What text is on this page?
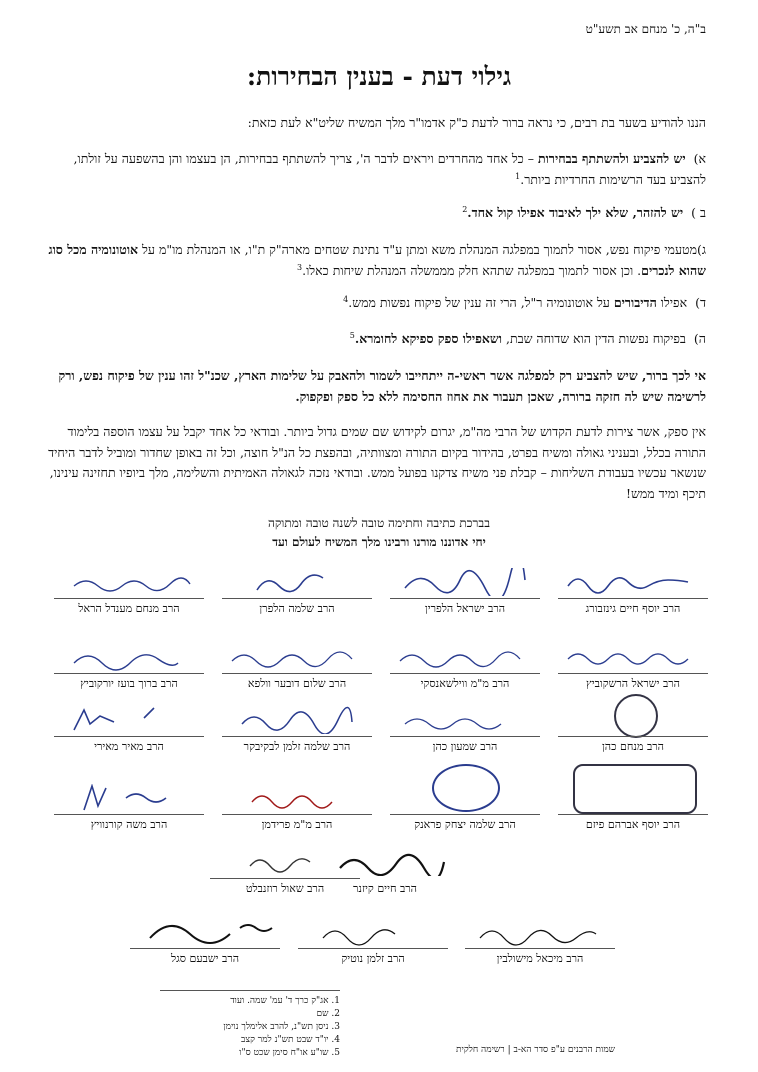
ב"ה, כ' מנחם אב תשע"ט
גילוי דעת - בענין הבחירות:
הננו להודיע בשער בת רבים, כי נראה ברור לדעת כ"ק אדמו"ר מלך המשיח שליט"א לעת כזאת:
א) יש להצביע ולהשתתף בבחירות – כל אחד מהחרדים ויראים לדבר ה', צריך להשתתף בבחירות, הן בעצמו והן בהשפעה על זולתו, להצביע בעד הרשימות החרדיות ביותר.$^1$
ב ) יש להזהר, שלא ילך לאיבוד אפילו קול אחד.$^2$
ג)מטעמי פיקוח נפש, אסור לתמוך במפלגה המנהלת משא ומתן ע"ד נתינת שטחים מארה"ק ת"ו, או המנהלת מו"מ על אוטונומיה מכל סוג שהוא לנכרים. וכן אסור לתמוך במפלגה שתהא חלק מממשלה המנהלת שיחות כאלו.$^3$
ד) אפילו הדיבורים על אוטונומיה ר"ל, הרי זה ענין של פיקוח נפשות ממש.$^4$
ה) בפיקוח נפשות הדין הוא שדוחה שבת, ושאפילו ספק ספיקא לחומרא.$^5$
אי לכך ברור, שיש להצביע רק למפלגה אשר ראשי-ה ייתחייבו לשמור ולהאבק על שלימות הארץ, שכנ"ל זהו ענין של פיקוח נפש, ורק לרשימה שיש לה חזקה ברורה, שאכן תעבור את אחוז החסימה ללא כל ספק ופקפוק.
אין ספק, אשר צירות לדעת הקדוש של הרבי מה"מ, יגרום לקידוש שם שמים גדול ביותר. ובודאי כל אחד יקבל על עצמו הוספה בלימוד התורה בכלל, ובעניני גאולה ומשיח בפרט, בהידור בקיום התורה ומצוותיה, ובהפצת כל הנ"ל חוצה, וכל זה באופן שחדור ומוביל לדבר היחיד שנשאר עכשיו בעבודת השליחות – קבלת פני משיח צדקנו בפועל ממש. ובודאי נזכה לגאולה האמיתית והשלימה, מלך ביופיו תחזינה עינינו, תיכף ומיד ממש!
בברכת כתיבה וחתימה טובה לשנה טובה ומתוקה
יחי אדוננו מורנו ורבינו מלך המשיח לעולם ועד
הרב יוסף חיים גינזבורג
הרב ישראל הלפרין
הרב שלמה הלפרן
הרב מנחם מענדל הראל
הרב ישראל הרשקוביץ
הרב מ"מ ווילשאנסקי
הרב שלום דובער וולפא
הרב ברוך בועז יורקוביץ
הרב מנחם כהן
הרב שמעון כהן
הרב שלמה זלמן לבקיבקר
הרב מאיר מאירי
הרב יוסף אברהם פיזם
הרב שלמה יצחק פראנק
הרב מ"מ פרידמן
הרב משה קורנוויץ
הרב חיים קיזנר
הרב שאול רוזנבלט
הרב מיכאל מישולבין
הרב זלמן נוטיק
הרב ישבעם סגל
1. אג"ק כרך ד' עמ' שמה. ועוד
2. שם
3. ניסן תש"נ, להרב אלימלך נוימן
4. יו"ד שבט תש"נ למר קצב
5. שו"ע או"ח סימן שכט ס"ו	שמות הרבנים ע"פ סדר הא-ב | רשימה חלקית
